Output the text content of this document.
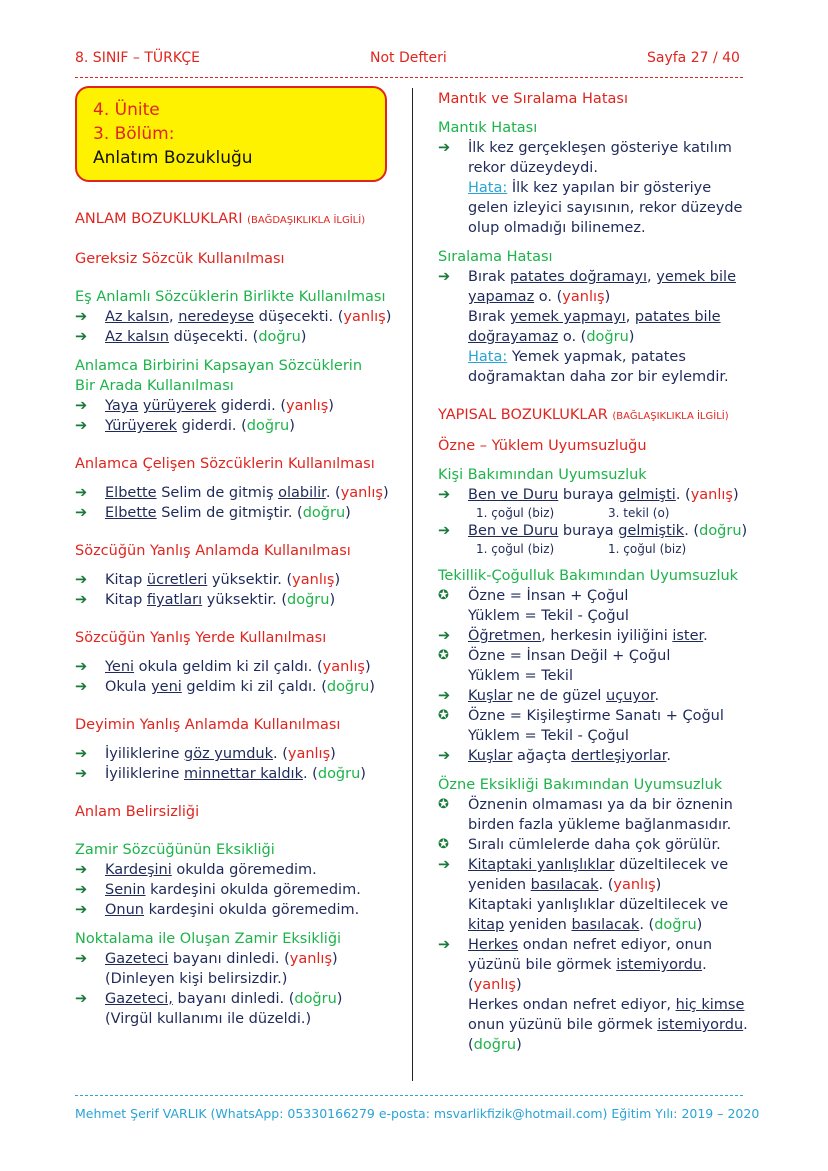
8. SINIF – TÜRKÇE	Not Defteri	Sayfa 27 / 40
4. Ünite
3. Bölüm:
Anlatım Bozukluğu
ANLAM BOZUKLUKLARI (BAĞDAŞIKLIKLA İLGİLİ)
Gereksiz Sözcük Kullanılması
Eş Anlamlı Sözcüklerin Birlikte Kullanılması
➔ Az kalsın, neredeyse düşecekti. (yanlış)
➔ Az kalsın düşecekti. (doğru)
Anlamca Birbirini Kapsayan Sözcüklerin
Bir Arada Kullanılması
➔ Yaya yürüyerek giderdi. (yanlış)
➔ Yürüyerek giderdi. (doğru)
Anlamca Çelişen Sözcüklerin Kullanılması
➔ Elbette Selim de gitmiş olabilir. (yanlış)
➔ Elbette Selim de gitmiştir. (doğru)
Sözcüğün Yanlış Anlamda Kullanılması
➔ Kitap ücretleri yüksektir. (yanlış)
➔ Kitap fiyatları yüksektir. (doğru)
Sözcüğün Yanlış Yerde Kullanılması
➔ Yeni okula geldim ki zil çaldı. (yanlış)
➔ Okula yeni geldim ki zil çaldı. (doğru)
Deyimin Yanlış Anlamda Kullanılması
➔ İyiliklerine göz yumduk. (yanlış)
➔ İyiliklerine minnettar kaldık. (doğru)
Anlam Belirsizliği
Zamir Sözcüğünün Eksikliği
➔ Kardeşini okulda göremedim.
➔ Senin kardeşini okulda göremedim.
➔ Onun kardeşini okulda göremedim.
Noktalama ile Oluşan Zamir Eksikliği
➔ Gazeteci bayanı dinledi. (yanlış)
(Dinleyen kişi belirsizdir.)
➔ Gazeteci, bayanı dinledi. (doğru)
(Virgül kullanımı ile düzeldi.)
Mantık ve Sıralama Hatası
Mantık Hatası
➔ İlk kez gerçekleşen gösteriye katılım rekor düzeydeydi.
Hata: İlk kez yapılan bir gösteriye gelen izleyici sayısının, rekor düzeyde olup olmadığı bilinemez.
Sıralama Hatası
➔ Bırak patates doğramayı, yemek bile yapamaz o. (yanlış)
Bırak yemek yapmayı, patates bile doğrayamaz o. (doğru)
Hata: Yemek yapmak, patates doğramaktan daha zor bir eylemdir.
YAPISAL BOZUKLUKLAR (BAĞLAŞIKLIKLA İLGİLİ)
Özne – Yüklem Uyumsuzluğu
Kişi Bakımından Uyumsuzluk
➔ Ben ve Duru buraya gelmişti. (yanlış)
1. çoğul (biz)	3. tekil (o)
➔ Ben ve Duru buraya gelmiştik. (doğru)
1. çoğul (biz)	1. çoğul (biz)
Tekillik-Çoğulluk Bakımından Uyumsuzluk
✪ Özne = İnsan + Çoğul
Yüklem = Tekil - Çoğul
➔ Öğretmen, herkesin iyiliğini ister.
✪ Özne = İnsan Değil + Çoğul
Yüklem = Tekil
➔ Kuşlar ne de güzel uçuyor.
✪ Özne = Kişileştirme Sanatı + Çoğul
Yüklem = Tekil - Çoğul
➔ Kuşlar ağaçta dertleşiyorlar.
Özne Eksikliği Bakımından Uyumsuzluk
✪ Öznenin olmaması ya da bir öznenin
birden fazla yükleme bağlanmasıdır.
✪ Sıralı cümlelerde daha çok görülür.
➔ Kitaptaki yanlışlıklar düzeltilecek ve yeniden basılacak. (yanlış)
Kitaptaki yanlışlıklar düzeltilecek ve kitap yeniden basılacak. (doğru)
➔ Herkes ondan nefret ediyor, onun yüzünü bile görmek istemiyordu.
(yanlış)
Herkes ondan nefret ediyor, hiç kimse onun yüzünü bile görmek istemiyordu. (doğru)
Mehmet Şerif VARLIK (WhatsApp: 05330166279 e-posta: msvarlikfizik@hotmail.com) Eğitim Yılı: 2019 – 2020
